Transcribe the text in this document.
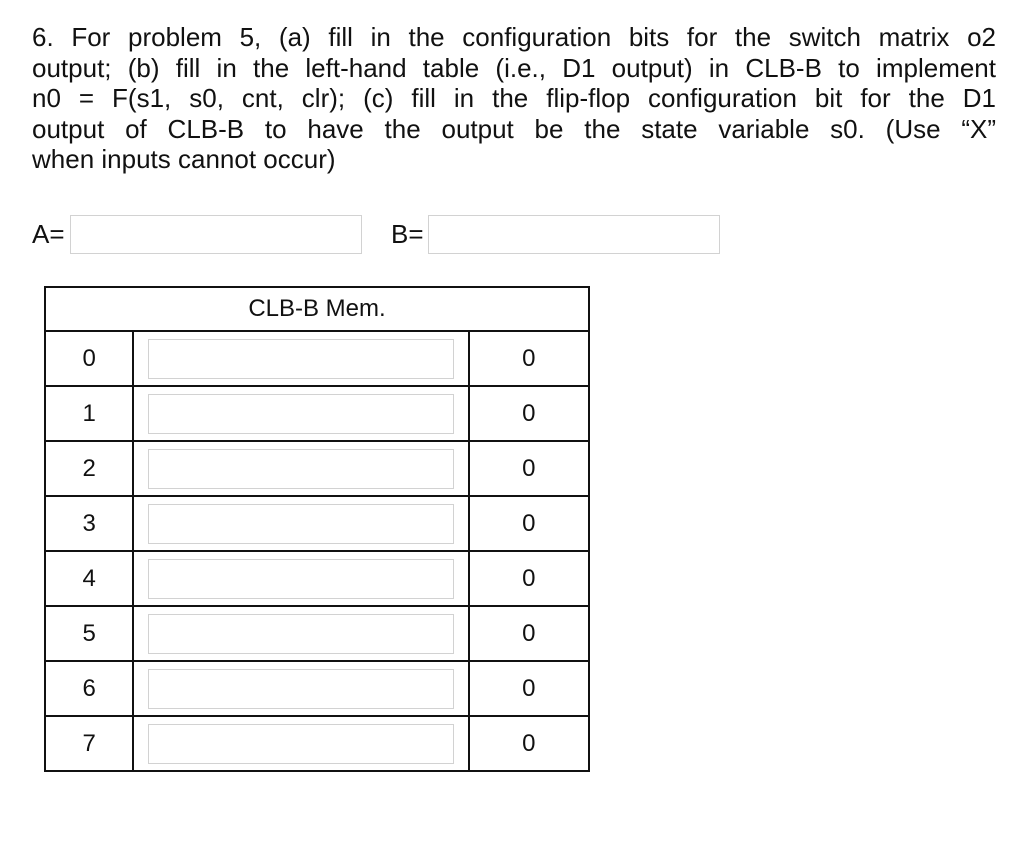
6. For problem 5, (a) fill in the configuration bits for the switch matrix o2
output; (b) fill in the left-hand table (i.e., D1 output) in CLB-B to implement
n0 = F(s1, s0, cnt, clr); (c) fill in the flip-flop configuration bit for the D1
output of CLB-B to have the output be the state variable s0. (Use “X”
when inputs cannot occur)
A=	B=
CLB-B Mem.		
0		0
1		0
2		0
3		0
4		0
5		0
6		0
7		0
